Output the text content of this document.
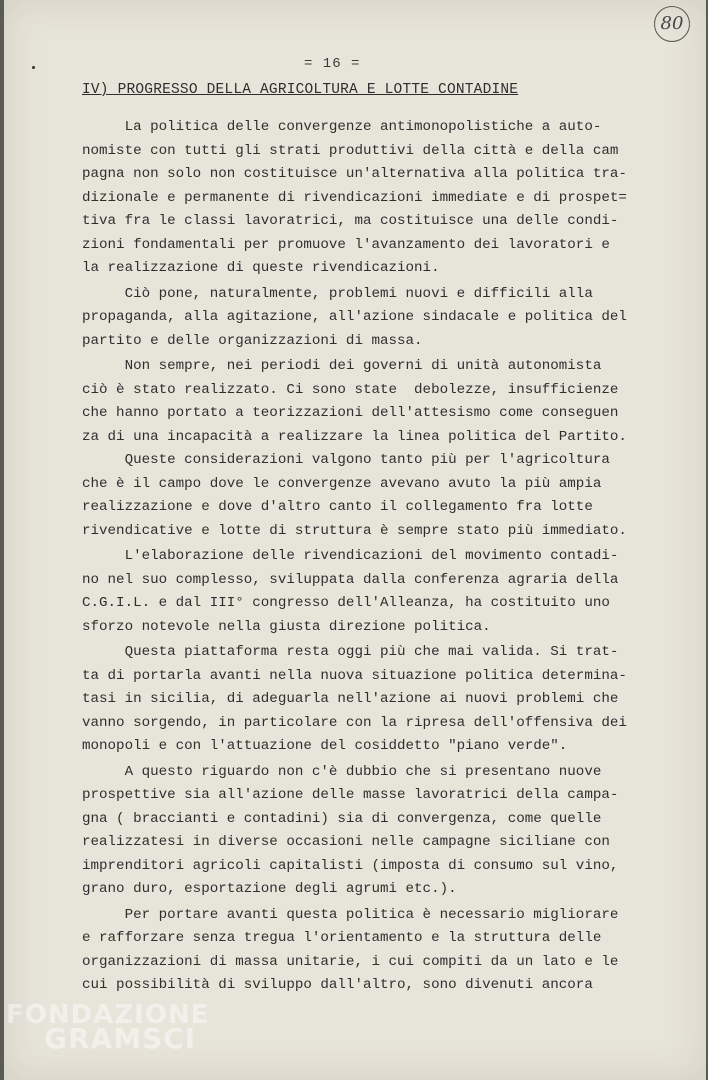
80
= 16 =
IV) PROGRESSO DELLA AGRICOLTURA E LOTTE CONTADINE
La politica delle convergenze antimonopolistiche a auto-
nomiste con tutti gli strati produttivi della città e della cam
pagna non solo non costituisce un'alternativa alla politica tra-
dizionale e permanente di rivendicazioni immediate e di prospet=
tiva fra le classi lavoratrici, ma costituisce una delle condi-
zioni fondamentali per promuove l'avanzamento dei lavoratori e
la realizzazione di queste rivendicazioni.
Ciò pone, naturalmente, problemi nuovi e difficili alla
propaganda, alla agitazione, all'azione sindacale e politica del
partito e delle organizzazioni di massa.
Non sempre, nei periodi dei governi di unità autonomista
ciò è stato realizzato. Ci sono state  debolezze, insufficienze
che hanno portato a teorizzazioni dell'attesismo come conseguen
za di una incapacità a realizzare la linea politica del Partito.
Queste considerazioni valgono tanto più per l'agricoltura
che è il campo dove le convergenze avevano avuto la più ampia
realizzazione e dove d'altro canto il collegamento fra lotte
rivendicative e lotte di struttura è sempre stato più immediato.
L'elaborazione delle rivendicazioni del movimento contadi-
no nel suo complesso, sviluppata dalla conferenza agraria della
C.G.I.L. e dal III° congresso dell'Alleanza, ha costituito uno
sforzo notevole nella giusta direzione politica.
Questa piattaforma resta oggi più che mai valida. Si trat-
ta di portarla avanti nella nuova situazione politica determina-
tasi in sicilia, di adeguarla nell'azione ai nuovi problemi che
vanno sorgendo, in particolare con la ripresa dell'offensiva dei
monopoli e con l'attuazione del cosiddetto "piano verde".
A questo riguardo non c'è dubbio che si presentano nuove
prospettive sia all'azione delle masse lavoratrici della campa-
gna ( braccianti e contadini) sia di convergenza, come quelle
realizzatesi in diverse occasioni nelle campagne siciliane con
imprenditori agricoli capitalisti (imposta di consumo sul vino,
grano duro, esportazione degli agrumi etc.).
Per portare avanti questa politica è necessario migliorare
e rafforzare senza tregua l'orientamento e la struttura delle
organizzazioni di massa unitarie, i cui compiti da un lato e le
cui possibilità di sviluppo dall'altro, sono divenuti ancora
FONDAZIONE
GRAMSCI
